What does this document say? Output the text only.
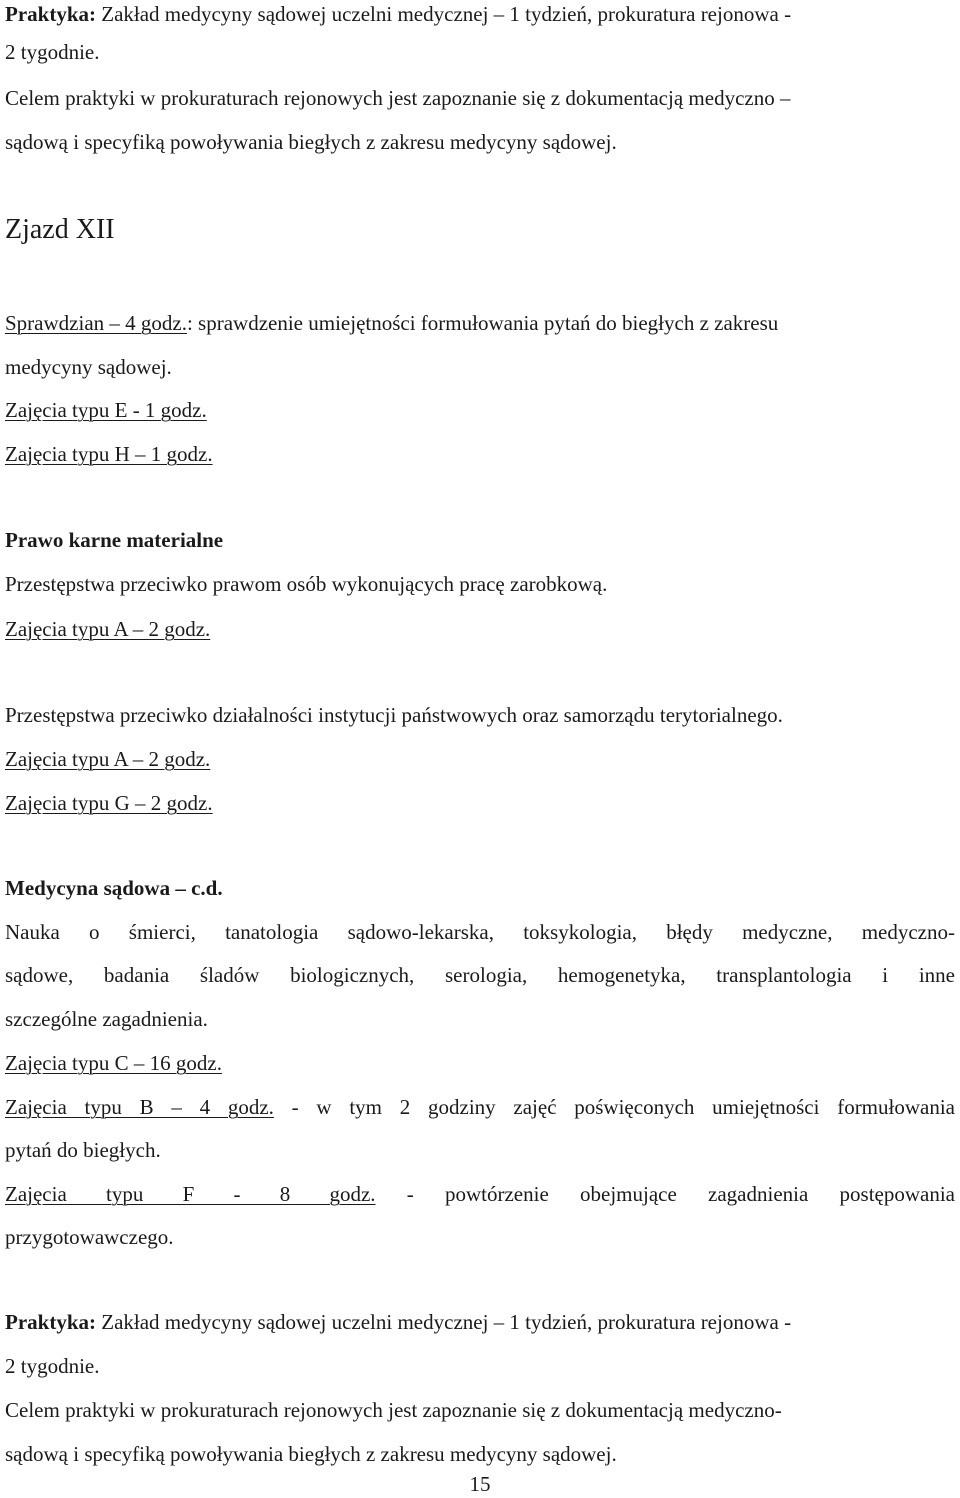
Praktyka: Zakład medycyny sądowej uczelni medycznej – 1 tydzień, prokuratura rejonowa -
2 tygodnie.
Celem praktyki w prokuraturach rejonowych jest zapoznanie się z dokumentacją medyczno –
sądową i specyfiką powoływania biegłych z zakresu medycyny sądowej.
Zjazd XII
Sprawdzian – 4 godz.: sprawdzenie umiejętności formułowania pytań do biegłych z zakresu
medycyny sądowej.
Zajęcia typu E - 1 godz.
Zajęcia typu H – 1 godz.
Prawo karne materialne
Przestępstwa przeciwko prawom osób wykonujących pracę zarobkową.
Zajęcia typu A – 2 godz.
Przestępstwa przeciwko działalności instytucji państwowych oraz samorządu terytorialnego.
Zajęcia typu A – 2 godz.
Zajęcia typu G – 2 godz.
Medycyna sądowa – c.d.
Nauka o śmierci, tanatologia sądowo-lekarska, toksykologia, błędy medyczne, medyczno-
sądowe, badania śladów biologicznych, serologia, hemogenetyka, transplantologia i inne
szczególne zagadnienia.
Zajęcia typu C – 16 godz.
Zajęcia typu B – 4 godz. - w tym 2 godziny zajęć poświęconych umiejętności formułowania
pytań do biegłych.
Zajęcia typu F - 8 godz. - powtórzenie obejmujące zagadnienia postępowania
przygotowawczego.
Praktyka: Zakład medycyny sądowej uczelni medycznej – 1 tydzień, prokuratura rejonowa -
2 tygodnie.
Celem praktyki w prokuraturach rejonowych jest zapoznanie się z dokumentacją medyczno-
sądową i specyfiką powoływania biegłych z zakresu medycyny sądowej.
15
